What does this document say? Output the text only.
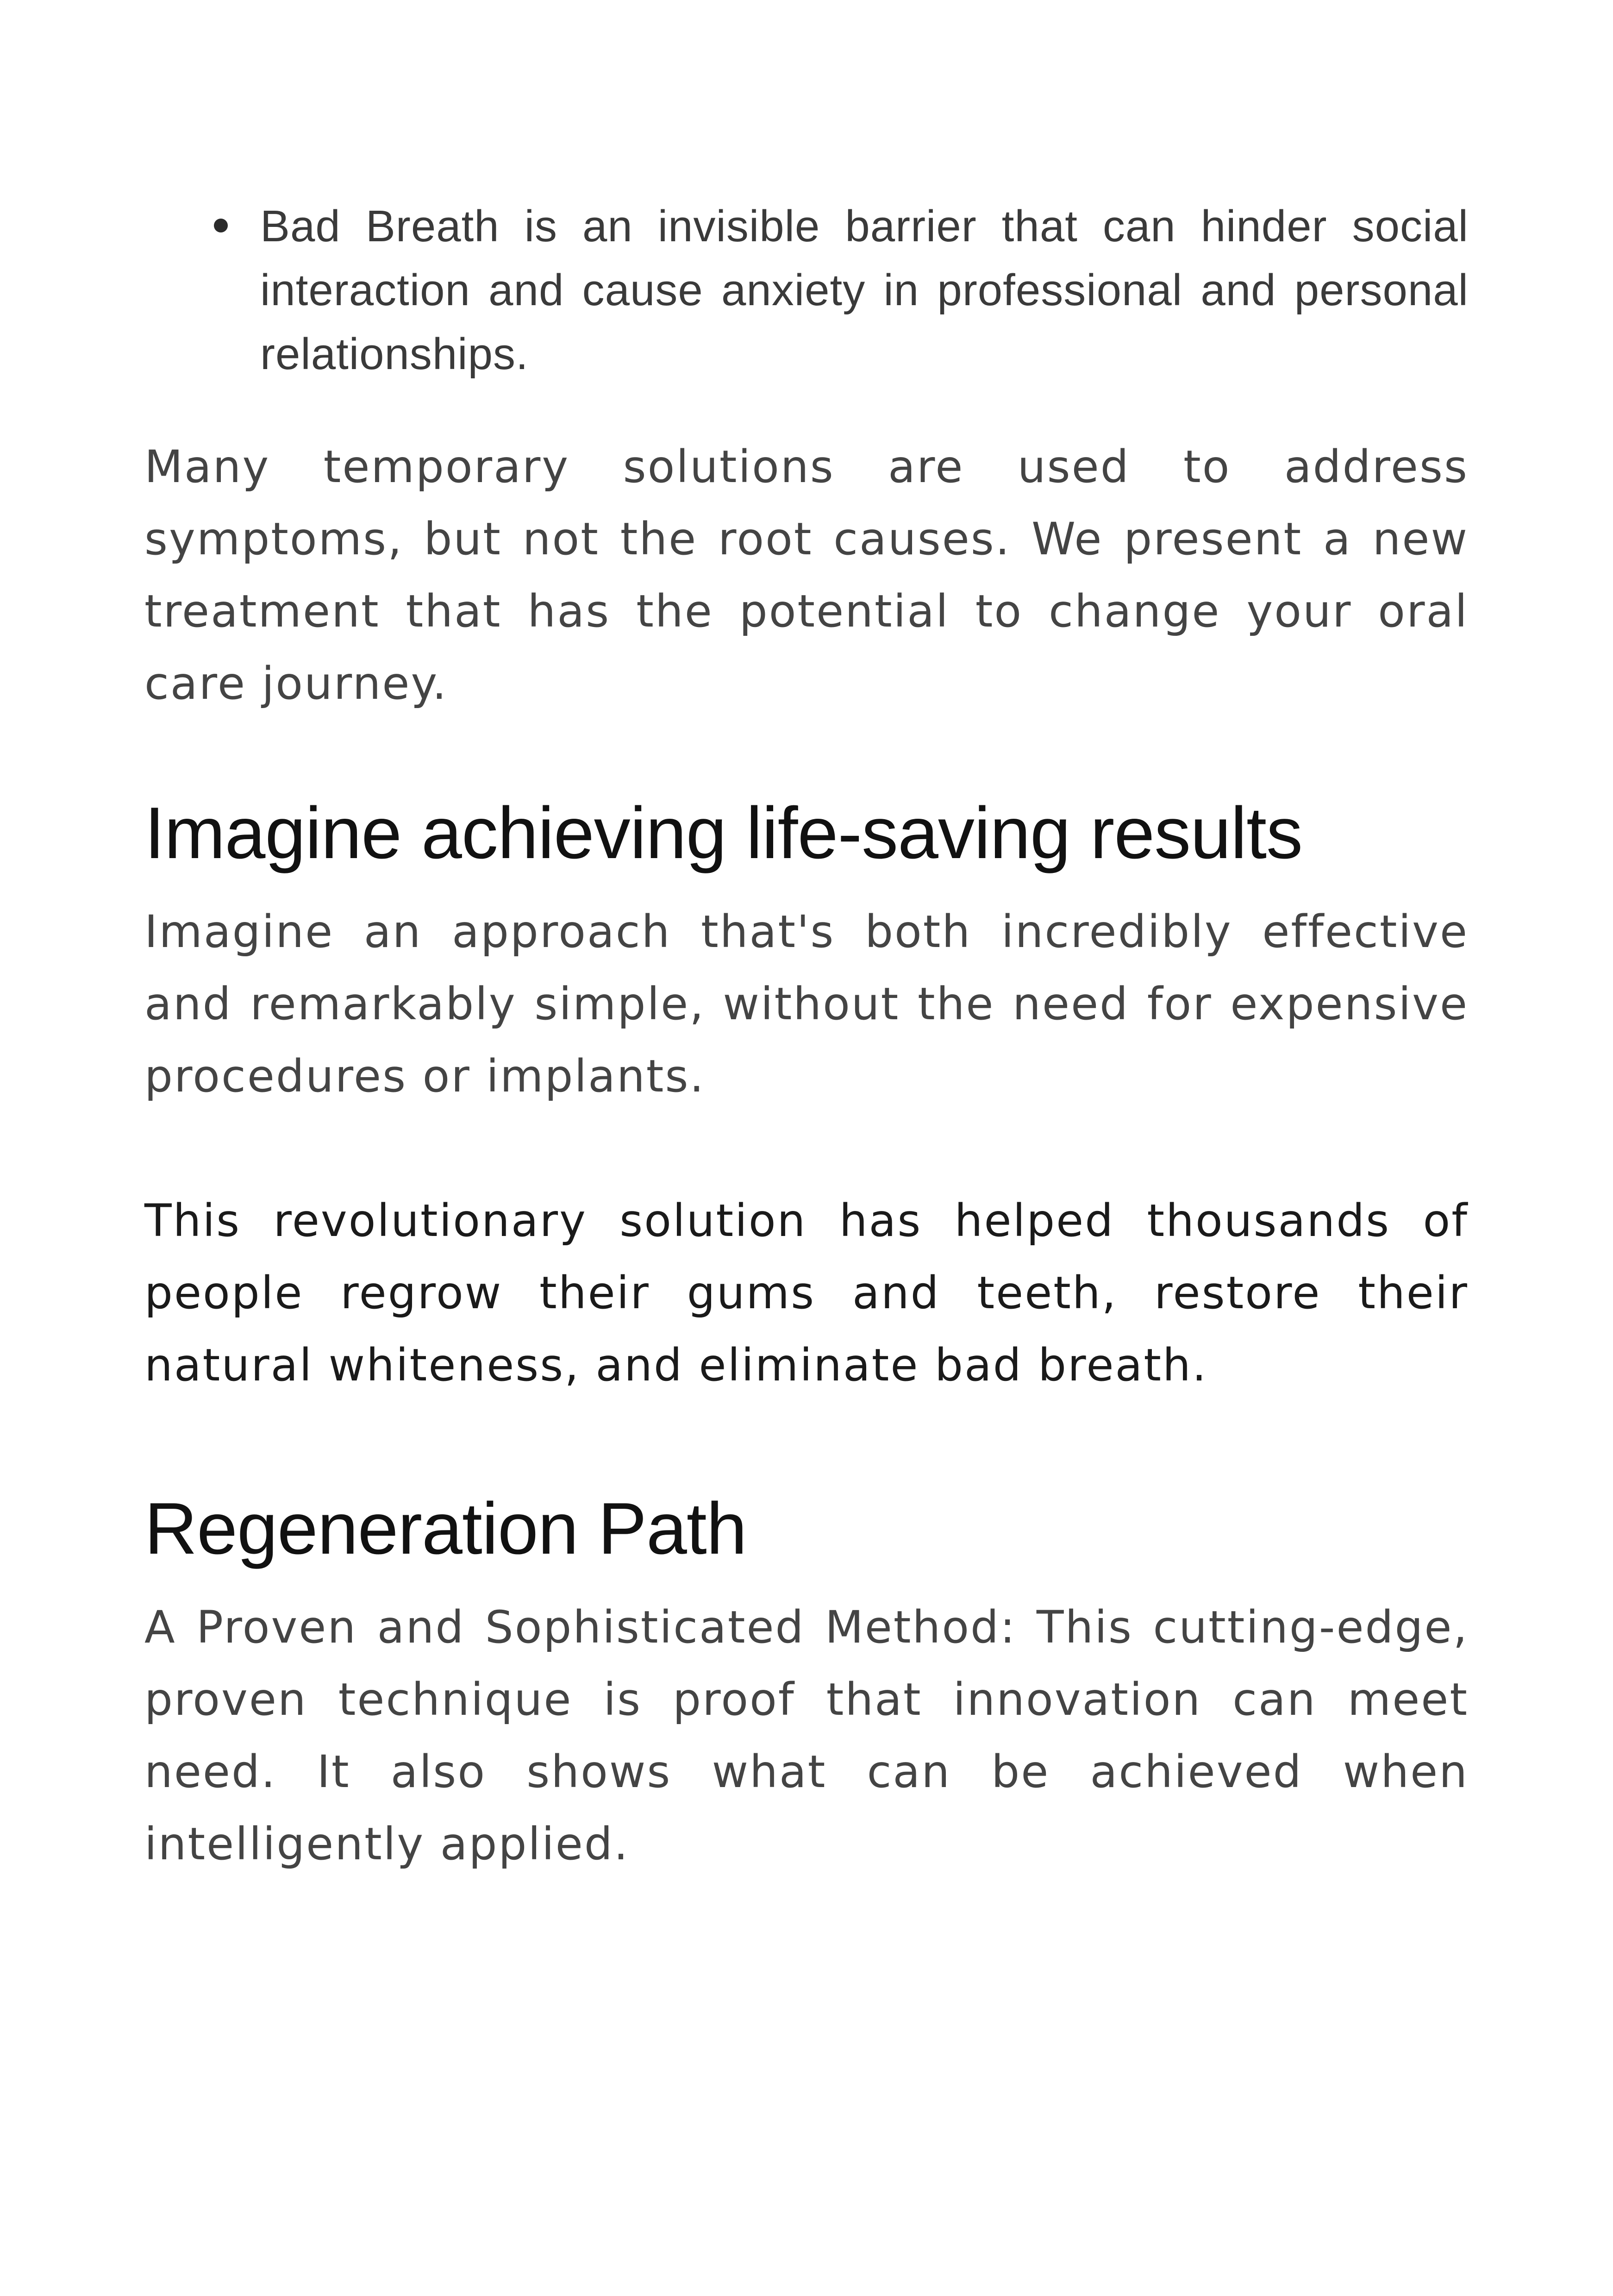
Bad Breath is an invisible barrier that can hinder social interaction and cause anxiety in professional and personal relationships.

Many temporary solutions are used to address symptoms, but not the root causes. We present a new treatment that has the potential to change your oral care journey.

Imagine achieving life-saving results

Imagine an approach that's both incredibly effective and remarkably simple, without the need for expensive procedures or implants.

This revolutionary solution has helped thousands of people regrow their gums and teeth, restore their natural whiteness, and eliminate bad breath.

Regeneration Path

A Proven and Sophisticated Method: This cutting-edge, proven technique is proof that innovation can meet need. It also shows what can be achieved when intelligently applied.
